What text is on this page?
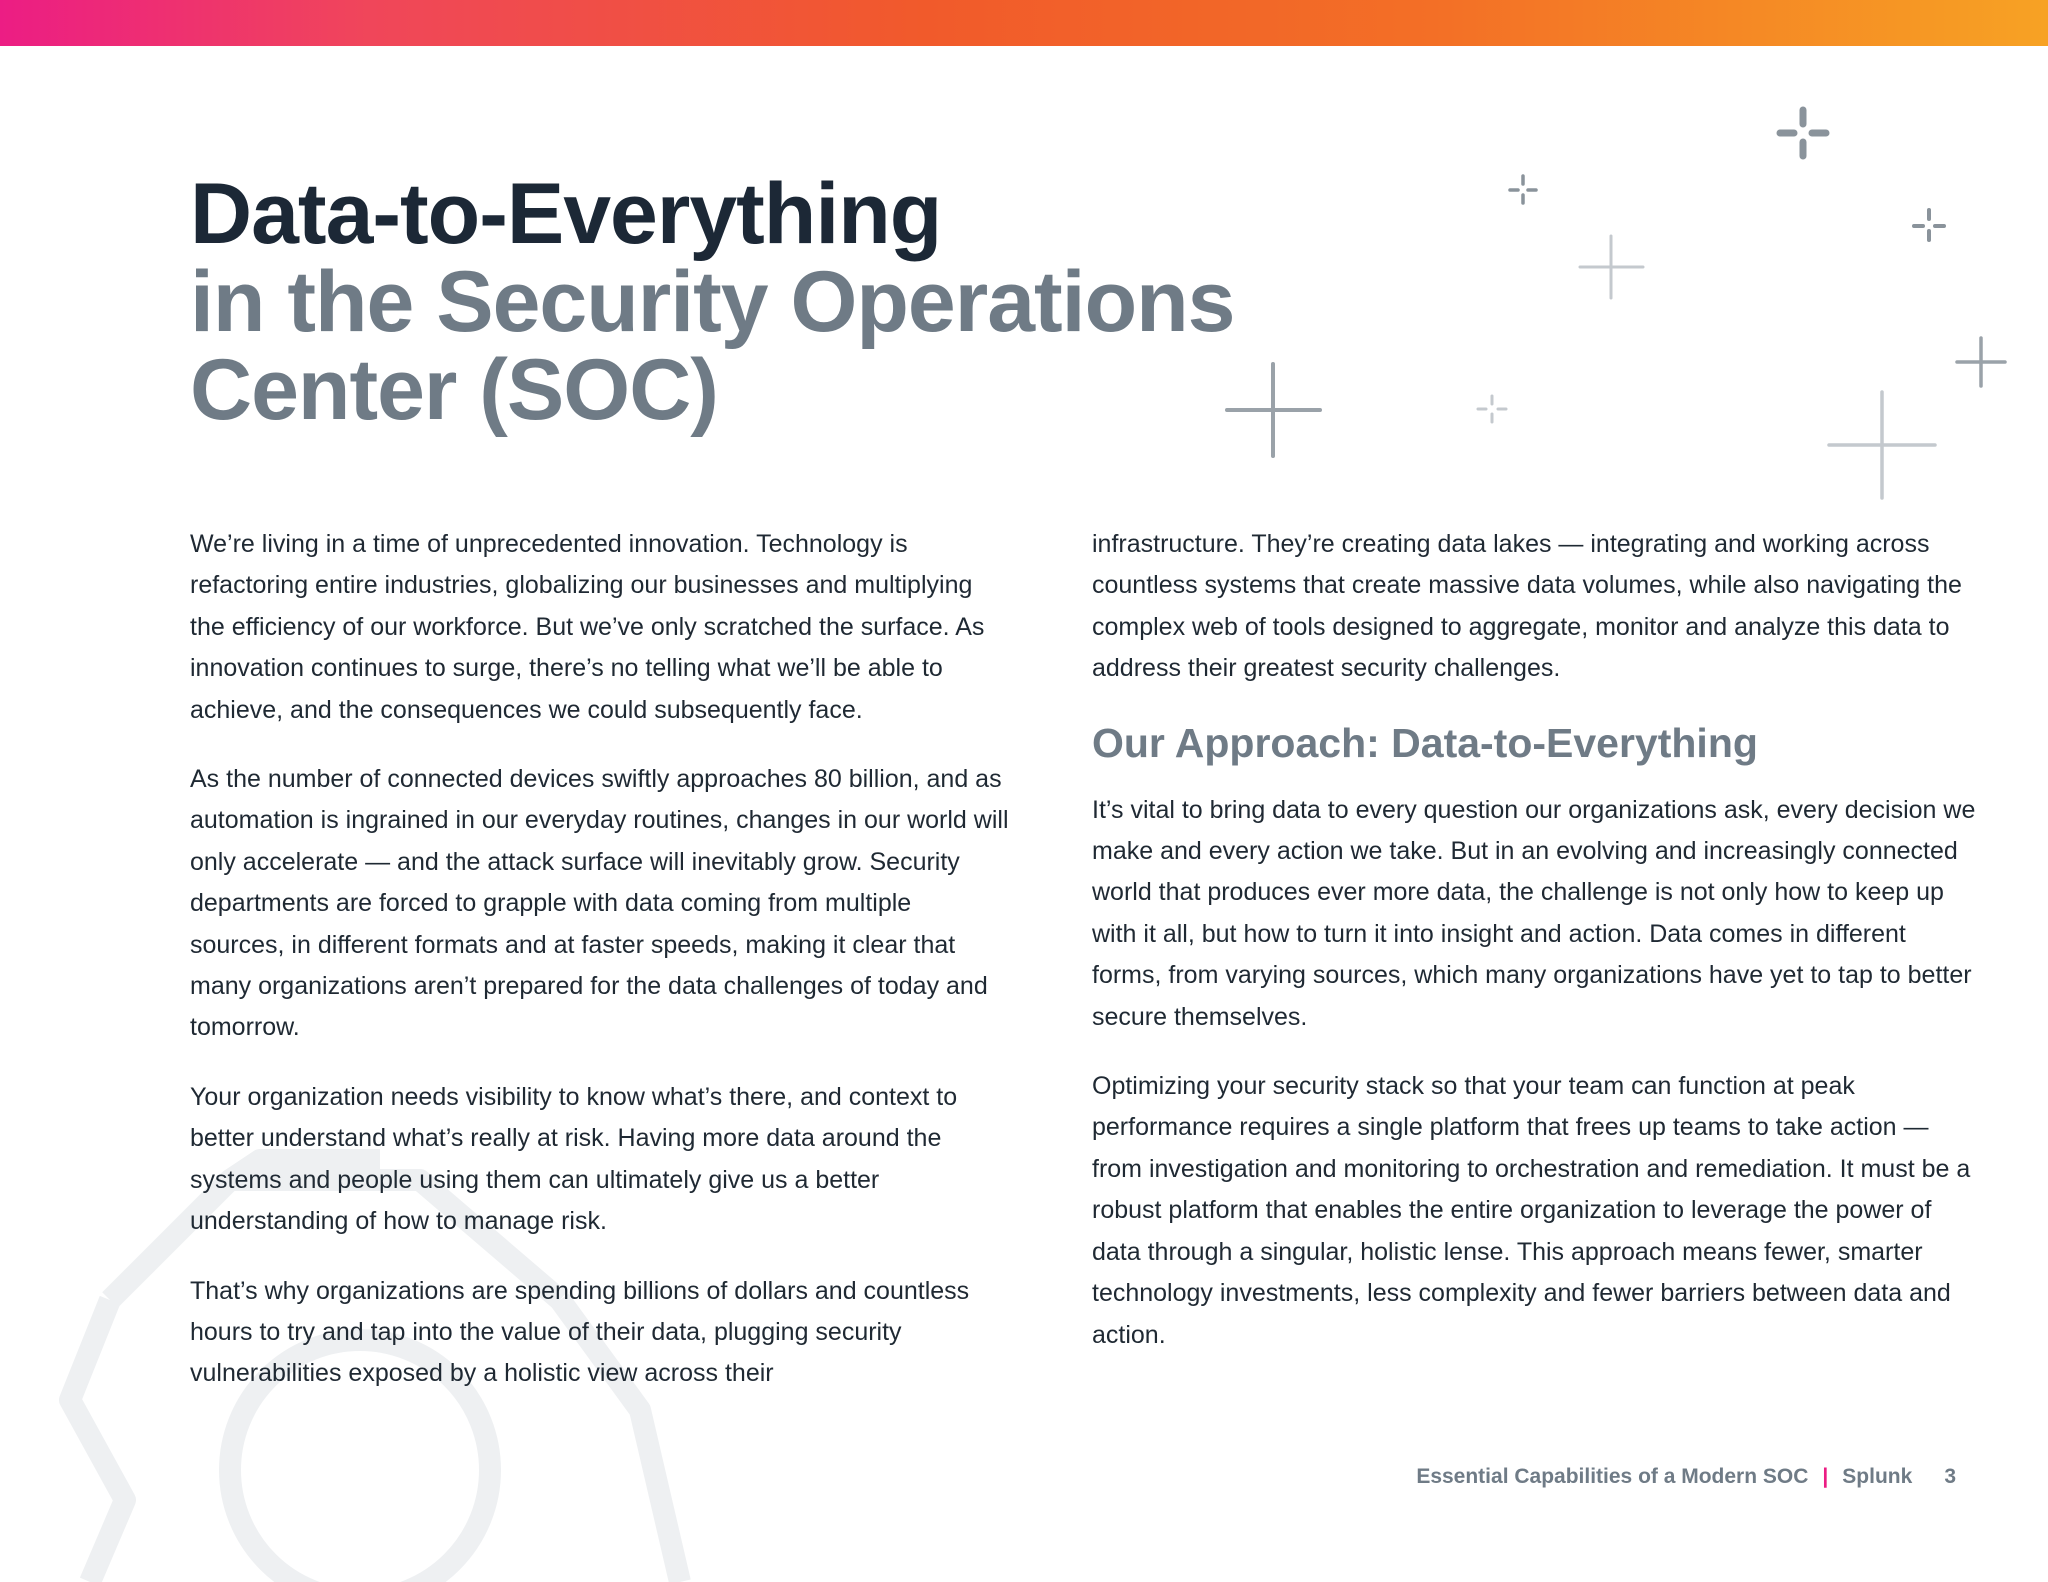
Data-to-Everything
in the Security Operations
Center (SOC)

We’re living in a time of unprecedented innovation. Technology is refactoring entire industries, globalizing our businesses and multiplying the efficiency of our workforce. But we’ve only scratched the surface. As innovation continues to surge, there’s no telling what we’ll be able to achieve, and the consequences we could subsequently face.

As the number of connected devices swiftly approaches 80 billion, and as automation is ingrained in our everyday routines, changes in our world will only accelerate — and the attack surface will inevitably grow. Security departments are forced to grapple with data coming from multiple sources, in different formats and at faster speeds, making it clear that many organizations aren’t prepared for the data challenges of today and tomorrow.

Your organization needs visibility to know what’s there, and context to better understand what’s really at risk. Having more data around the systems and people using them can ultimately give us a better understanding of how to manage risk.

That’s why organizations are spending billions of dollars and countless hours to try and tap into the value of their data, plugging security vulnerabilities exposed by a holistic view across their

infrastructure. They’re creating data lakes — integrating and working across countless systems that create massive data volumes, while also navigating the complex web of tools designed to aggregate, monitor and analyze this data to address their greatest security challenges.

Our Approach: Data-to-Everything

It’s vital to bring data to every question our organizations ask, every decision we make and every action we take. But in an evolving and increasingly connected world that produces ever more data, the challenge is not only how to keep up with it all, but how to turn it into insight and action. Data comes in different forms, from varying sources, which many organizations have yet to tap to better secure themselves.

Optimizing your security stack so that your team can function at peak performance requires a single platform that frees up teams to take action — from investigation and monitoring to orchestration and remediation. It must be a robust platform that enables the entire organization to leverage the power of data through a singular, holistic lense. This approach means fewer, smarter technology investments, less complexity and fewer barriers between data and action.

Essential Capabilities of a Modern SOC | Splunk 3
